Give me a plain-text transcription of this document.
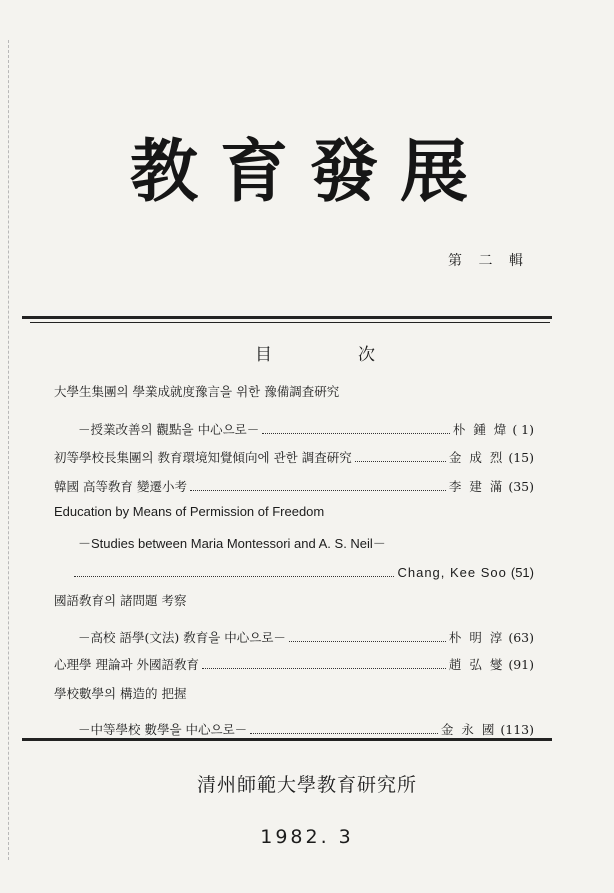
教育發展
第 二 輯
目	次
大學生集團의 學業成就度豫言을 위한 豫備調査硏究
－授業改善의 觀點을 中心으로－	朴 鍾 煒 ( 1)
初等學校長集團의 教育環境知覺傾向에 관한 調査硏究	金 成 烈 (15)
韓國 高等敎育 變遷小考	李 建 滿 (35)
Education by Means of Permission of Freedom
－Studies between Maria Montessori and A. S. Neil－
Chang, Kee Soo (51)
國語敎育의 諸問題 考察
－高校 語學(文法) 敎育을 中心으로－	朴 明 淳 (63)
心理學 理論과 外國語敎育	趙 弘 燮 (91)
學校數學의 構造的 把握
－中等學校 數學을 中心으로－	金 永 國 (113)
清州師範大學教育研究所
1982. 3
